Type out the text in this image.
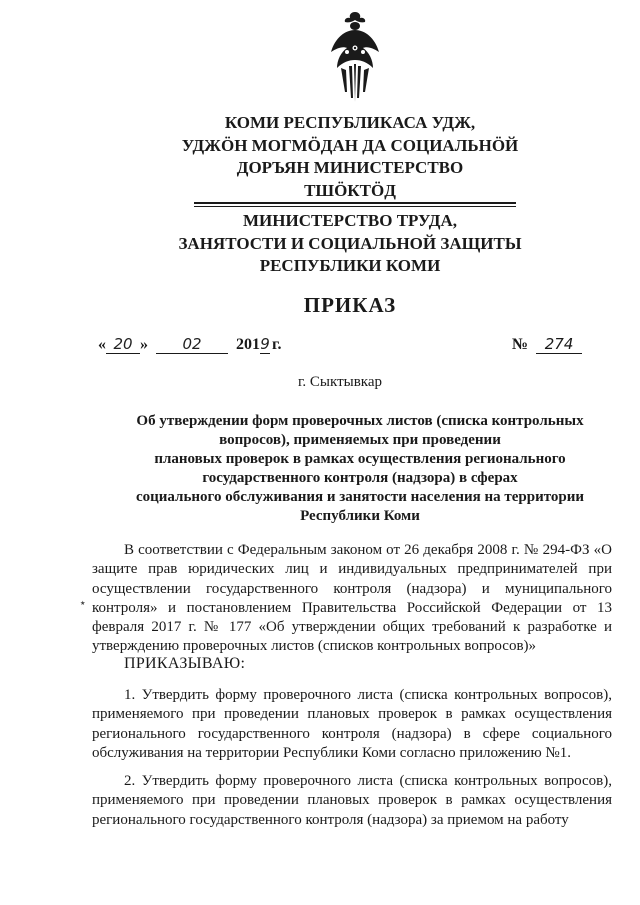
КОМИ РЕСПУБЛИКАСА УДЖ,
УДЖӦН МОГМӦДАН ДА СОЦИАЛЬНӦЙ
ДОРЪЯН МИНИСТЕРСТВО
ТШӦКТӦД
МИНИСТЕРСТВО ТРУДА,
ЗАНЯТОСТИ И СОЦИАЛЬНОЙ ЗАЩИТЫ
РЕСПУБЛИКИ КОМИ
ПРИКАЗ
« 20 » 02 2019 г.	№ 274
г. Сыктывкар
Об утверждении форм проверочных листов (списка контрольных
вопросов), применяемых при проведении
плановых проверок в рамках осуществления регионального
государственного контроля (надзора) в сферах
социального обслуживания и занятости населения на территории
Республики Коми

В соответствии с Федеральным законом от 26 декабря 2008 г. № 294-ФЗ «О защите прав юридических лиц и индивидуальных предпринимателей при осуществлении государственного контроля (надзора) и муниципального контроля» и постановлением Правительства Российской Федерации от 13 февраля 2017 г. № 177 «Об утверждении общих требований к разработке и утверждению проверочных листов (списков контрольных вопросов)»

ПРИКАЗЫВАЮ:

1. Утвердить форму проверочного листа (списка контрольных вопросов), применяемого при проведении плановых проверок в рамках осуществления регионального государственного контроля (надзора) в сфере социального обслуживания на территории Республики Коми согласно приложению №1.

2. Утвердить форму проверочного листа (списка контрольных вопросов), применяемого при проведении плановых проверок в рамках осуществления регионального государственного контроля (надзора) за приемом на работу

٭
